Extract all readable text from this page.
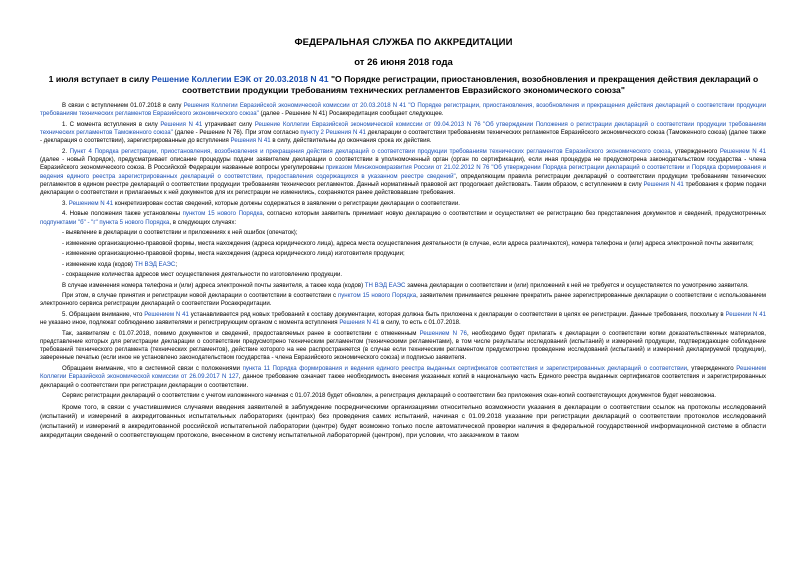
ФЕДЕРАЛЬНАЯ СЛУЖБА ПО АККРЕДИТАЦИИ
от 26 июня 2018 года
1 июля вступает в силу Решение Коллегии ЕЭК от 20.03.2018 N 41 "О Порядке регистрации, приостановления, возобновления и прекращения действия деклараций о соответствии продукции требованиям технических регламентов Евразийского экономического союза"

В связи с вступлением 01.07.2018 в силу Решения Коллегии Евразийской экономической комиссии от 20.03.2018 N 41 "О Порядке регистрации, приостановления, возобновления и прекращения действия деклараций о соответствии продукции требованиям технических регламентов Евразийского экономического союза" (далее - Решение N 41) Росаккредитация сообщает следующее.

1. С момента вступления в силу Решения N 41 утрачивает силу Решение Коллегии Евразийской экономической комиссии от 09.04.2013 N 76 "Об утверждении Положения о регистрации деклараций о соответствии продукции требованиям технических регламентов Таможенного союза" (далее - Решение N 76). При этом согласно пункту 2 Решения N 41 декларации о соответствии требованиям технических регламентов Евразийского экономического союза (Таможенного союза) (далее также - декларация о соответствии), зарегистрированные до вступления Решения N 41 в силу, действительны до окончания срока их действия.

2. Пункт 4 Порядка регистрации, приостановления, возобновления и прекращения действия деклараций о соответствии продукции требованиям технических регламентов Евразийского экономического союза, утвержденного Решением N 41 (далее - новый Порядок), предусматривает описание процедуры подачи заявителем декларации о соответствии в уполномоченный орган (орган по сертификации), если иная процедура не предусмотрена законодательством государства - члена Евразийского экономического союза. В Российской Федерации названные вопросы урегулированы приказом Минэкономразвития России от 21.02.2012 N 76 "Об утверждении Порядка регистрации деклараций о соответствии и Порядка формирования и ведения единого реестра зарегистрированных деклараций о соответствии, предоставления содержащихся в указанном реестре сведений", определяющим правила регистрации деклараций о соответствии продукции требованиям технических регламентов в едином реестре деклараций о соответствии продукции требованиям технических регламентов. Данный нормативный правовой акт продолжает действовать. Таким образом, с вступлением в силу Решения N 41 требования к форме подачи декларации о соответствии и прилагаемых к ней документов для их регистрации не изменились, сохраняются ранее действовавшие требования.

3. Решением N 41 конкретизирован состав сведений, которые должны содержаться в заявлении о регистрации декларации о соответствии.

4. Новые положения также установлены пунктом 15 нового Порядка, согласно которым заявитель принимает новую декларацию о соответствии и осуществляет ее регистрацию без представления документов и сведений, предусмотренных подпунктами "б" - "г" пункта 5 нового Порядка, в следующих случаях:

- выявление в декларации о соответствии и приложениях к ней ошибок (опечаток);

- изменение организационно-правовой формы, места нахождения (адреса юридического лица), адреса места осуществления деятельности (в случае, если адреса различаются), номера телефона и (или) адреса электронной почты заявителя;

- изменение организационно-правовой формы, места нахождения (адреса юридического лица) изготовителя продукции;

- изменение кода (кодов) ТН ВЭД ЕАЭС;

- сокращение количества адресов мест осуществления деятельности по изготовлению продукции.

В случае изменения номера телефона и (или) адреса электронной почты заявителя, а также кода (кодов) ТН ВЭД ЕАЭС замена декларации о соответствии и (или) приложений к ней не требуется и осуществляется по усмотрению заявителя.

При этом, в случае принятия и регистрации новой декларации о соответствии в соответствии с пунктом 15 нового Порядка, заявителем принимается решение прекратить ранее зарегистрированные декларации о соответствии с использованием электронного сервиса регистрации деклараций о соответствии Росаккредитации.

5. Обращаем внимание, что Решением N 41 устанавливается ряд новых требований к составу документации, которая должна быть приложена к декларации о соответствии в целях ее регистрации. Данные требования, поскольку в Решении N 41 не указано иное, подлежат соблюдению заявителями и регистрирующим органом с момента вступления Решения N 41 в силу, то есть с 01.07.2018.

Так, заявителям с 01.07.2018, помимо документов и сведений, предоставляемых ранее в соответствии с отмененным Решением N 76, необходимо будет прилагать к декларации о соответствии копии доказательственных материалов, представление которых для регистрации декларации о соответствии предусмотрено техническим регламентом (техническими регламентами), в том числе результаты исследований (испытаний) и измерений продукции, подтверждающие соблюдение требований технического регламента (технических регламентов), действие которого на нее распространяется (в случае если техническим регламентом предусмотрено проведение исследований (испытаний) и измерений декларируемой продукции), заверенные печатью (если иное не установлено законодательством государства - члена Евразийского экономического союза) и подписью заявителя.

Обращаем внимание, что в системной связи с положениями пункта 11 Порядка формирования и ведения единого реестра выданных сертификатов соответствия и зарегистрированных деклараций о соответствии, утвержденного Решением Коллегии Евразийской экономической комиссии от 26.09.2017 N 127, данное требование означает также необходимость внесения указанных копий в национальную часть Единого реестра выданных сертификатов соответствия и зарегистрированных деклараций о соответствии при регистрации декларации о соответствии.

Сервис регистрации деклараций о соответствии с учетом изложенного начиная с 01.07.2018 будет обновлен, а регистрация деклараций о соответствии без приложения скан-копий соответствующих документов будет невозможна.

Кроме того, в связи с участившимися случаями введения заявителей в заблуждение посредническими организациями относительно возможности указания в декларации о соответствии ссылок на протоколы исследований (испытаний) и измерений в аккредитованных испытательных лабораториях (центрах) без проведения самих испытаний, начиная с 01.09.2018 указание при регистрации деклараций о соответствии протоколов исследований (испытаний) и измерений в аккредитованной российской испытательной лаборатории (центре) будет возможно только после автоматической проверки наличия в федеральной государственной информационной системе в области аккредитации сведений о соответствующем протоколе, внесенном в систему испытательной лабораторией (центром), при условии, что заказчиком в таком
